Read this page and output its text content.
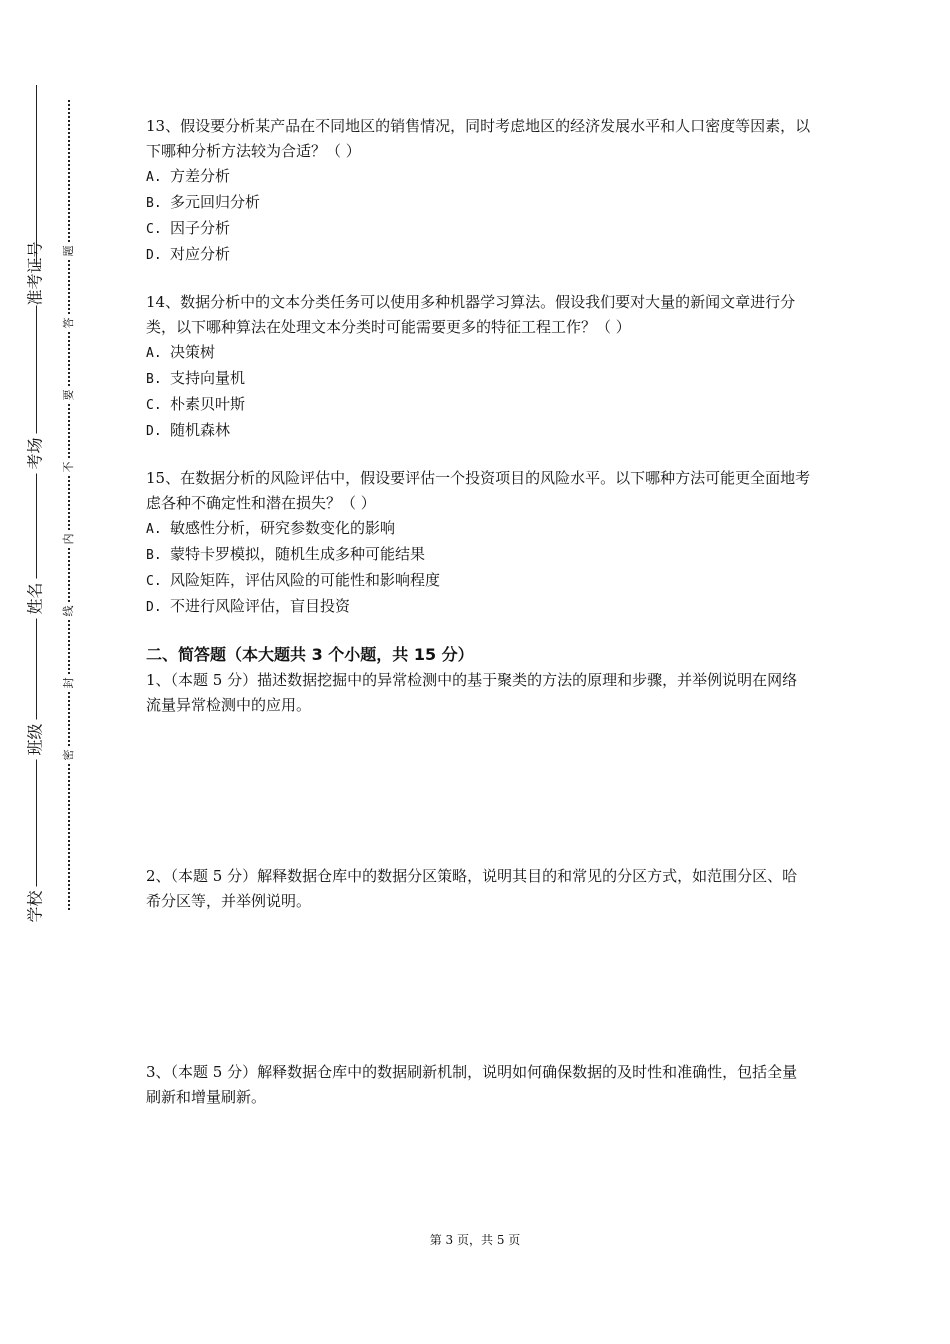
准考证号
考场
姓名
班级
学校
题
答
要
不
内
线
封
密

13、假设要分析某产品在不同地区的销售情况，同时考虑地区的经济发展水平和人口密度等因素，以下哪种分析方法较为合适？（ ）

A. 方差分析

B. 多元回归分析

C. 因子分析

D. 对应分析

14、数据分析中的文本分类任务可以使用多种机器学习算法。假设我们要对大量的新闻文章进行分类，以下哪种算法在处理文本分类时可能需要更多的特征工程工作？（ ）

A. 决策树

B. 支持向量机

C. 朴素贝叶斯

D. 随机森林

15、在数据分析的风险评估中，假设要评估一个投资项目的风险水平。以下哪种方法可能更全面地考虑各种不确定性和潜在损失？（ ）

A. 敏感性分析，研究参数变化的影响

B. 蒙特卡罗模拟，随机生成多种可能结果

C. 风险矩阵，评估风险的可能性和影响程度

D. 不进行风险评估，盲目投资

二、简答题（本大题共 3 个小题，共 15 分）

1、（本题 5 分）描述数据挖掘中的异常检测中的基于聚类的方法的原理和步骤，并举例说明在网络流量异常检测中的应用。

2、（本题 5 分）解释数据仓库中的数据分区策略，说明其目的和常见的分区方式，如范围分区、哈希分区等，并举例说明。

3、（本题 5 分）解释数据仓库中的数据刷新机制，说明如何确保数据的及时性和准确性，包括全量刷新和增量刷新。

第 3 页，共 5 页
